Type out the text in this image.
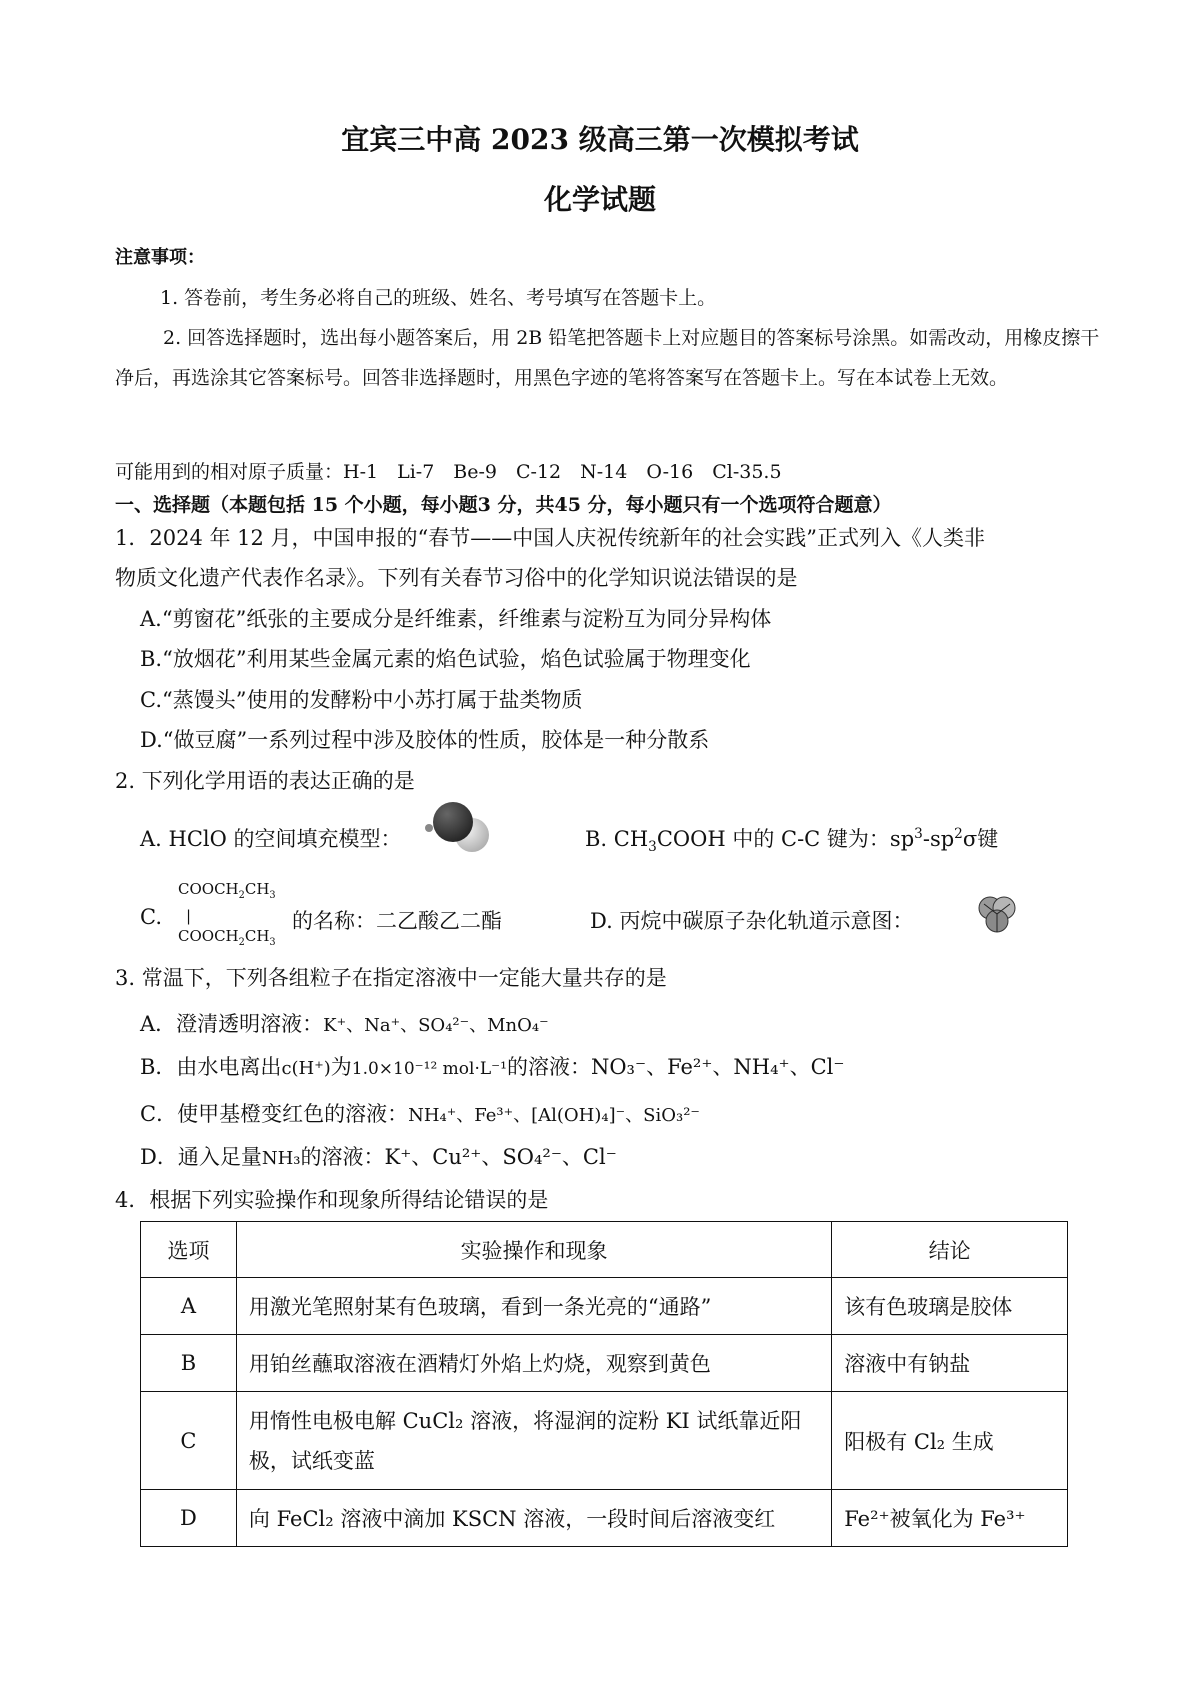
宜宾三中高 2023 级高三第一次模拟考试
化学试题
注意事项：
1. 答卷前，考生务必将自己的班级、姓名、考号填写在答题卡上。
2. 回答选择题时，选出每小题答案后，用 2B 铅笔把答题卡上对应题目的答案标号涂黑。如需改动，用橡皮擦干净后，再选涂其它答案标号。回答非选择题时，用黑色字迹的笔将答案写在答题卡上。写在本试卷上无效。
可能用到的相对原子质量：H-1　Li-7　Be-9　C-12　N-14　O-16　Cl-35.5
一、选择题（本题包括 15 个小题，每小题3 分，共45 分，每小题只有一个选项符合题意）
1．2024 年 12 月，中国申报的“春节——中国人庆祝传统新年的社会实践”正式列入《人类非
物质文化遗产代表作名录》。下列有关春节习俗中的化学知识说法错误的是
A.“剪窗花”纸张的主要成分是纤维素，纤维素与淀粉互为同分异构体
B.“放烟花”利用某些金属元素的焰色试验，焰色试验属于物理变化
C.“蒸馒头”使用的发酵粉中小苏打属于盐类物质
D.“做豆腐”一系列过程中涉及胶体的性质，胶体是一种分散系
2. 下列化学用语的表达正确的是
A. HClO 的空间填充模型：	B. $CH_3COOH$ 中的 C-C 键为：$sp^3-sp^2\sigma$键
C.
$COOCH_2CH_3$
|
$COOCH_2CH_3$
的名称：二乙酸乙二酯	D. 丙烷中碳原子杂化轨道示意图：
3. 常温下，下列各组粒子在指定溶液中一定能大量共存的是
A．澄清透明溶液：K⁺、Na⁺、SO₄²⁻、MnO₄⁻
B．由水电离出c(H⁺)为1.0×10⁻¹² mol·L⁻¹的溶液：NO₃⁻、Fe²⁺、NH₄⁺、Cl⁻
C．使甲基橙变红色的溶液：NH₄⁺、Fe³⁺、[Al(OH)₄]⁻、SiO₃²⁻
D．通入足量NH₃的溶液：K⁺、Cu²⁺、SO₄²⁻、Cl⁻
4．根据下列实验操作和现象所得结论错误的是
选项	实验操作和现象	结论
A	用激光笔照射某有色玻璃，看到一条光亮的“通路”	该有色玻璃是胶体
B	用铂丝蘸取溶液在酒精灯外焰上灼烧，观察到黄色	溶液中有钠盐
C	用惰性电极电解 CuCl₂ 溶液，将湿润的淀粉 KI 试纸靠近阳极，试纸变蓝	阳极有 Cl₂ 生成
D	向 FeCl₂ 溶液中滴加 KSCN 溶液，一段时间后溶液变红	Fe²⁺被氧化为 Fe³⁺
